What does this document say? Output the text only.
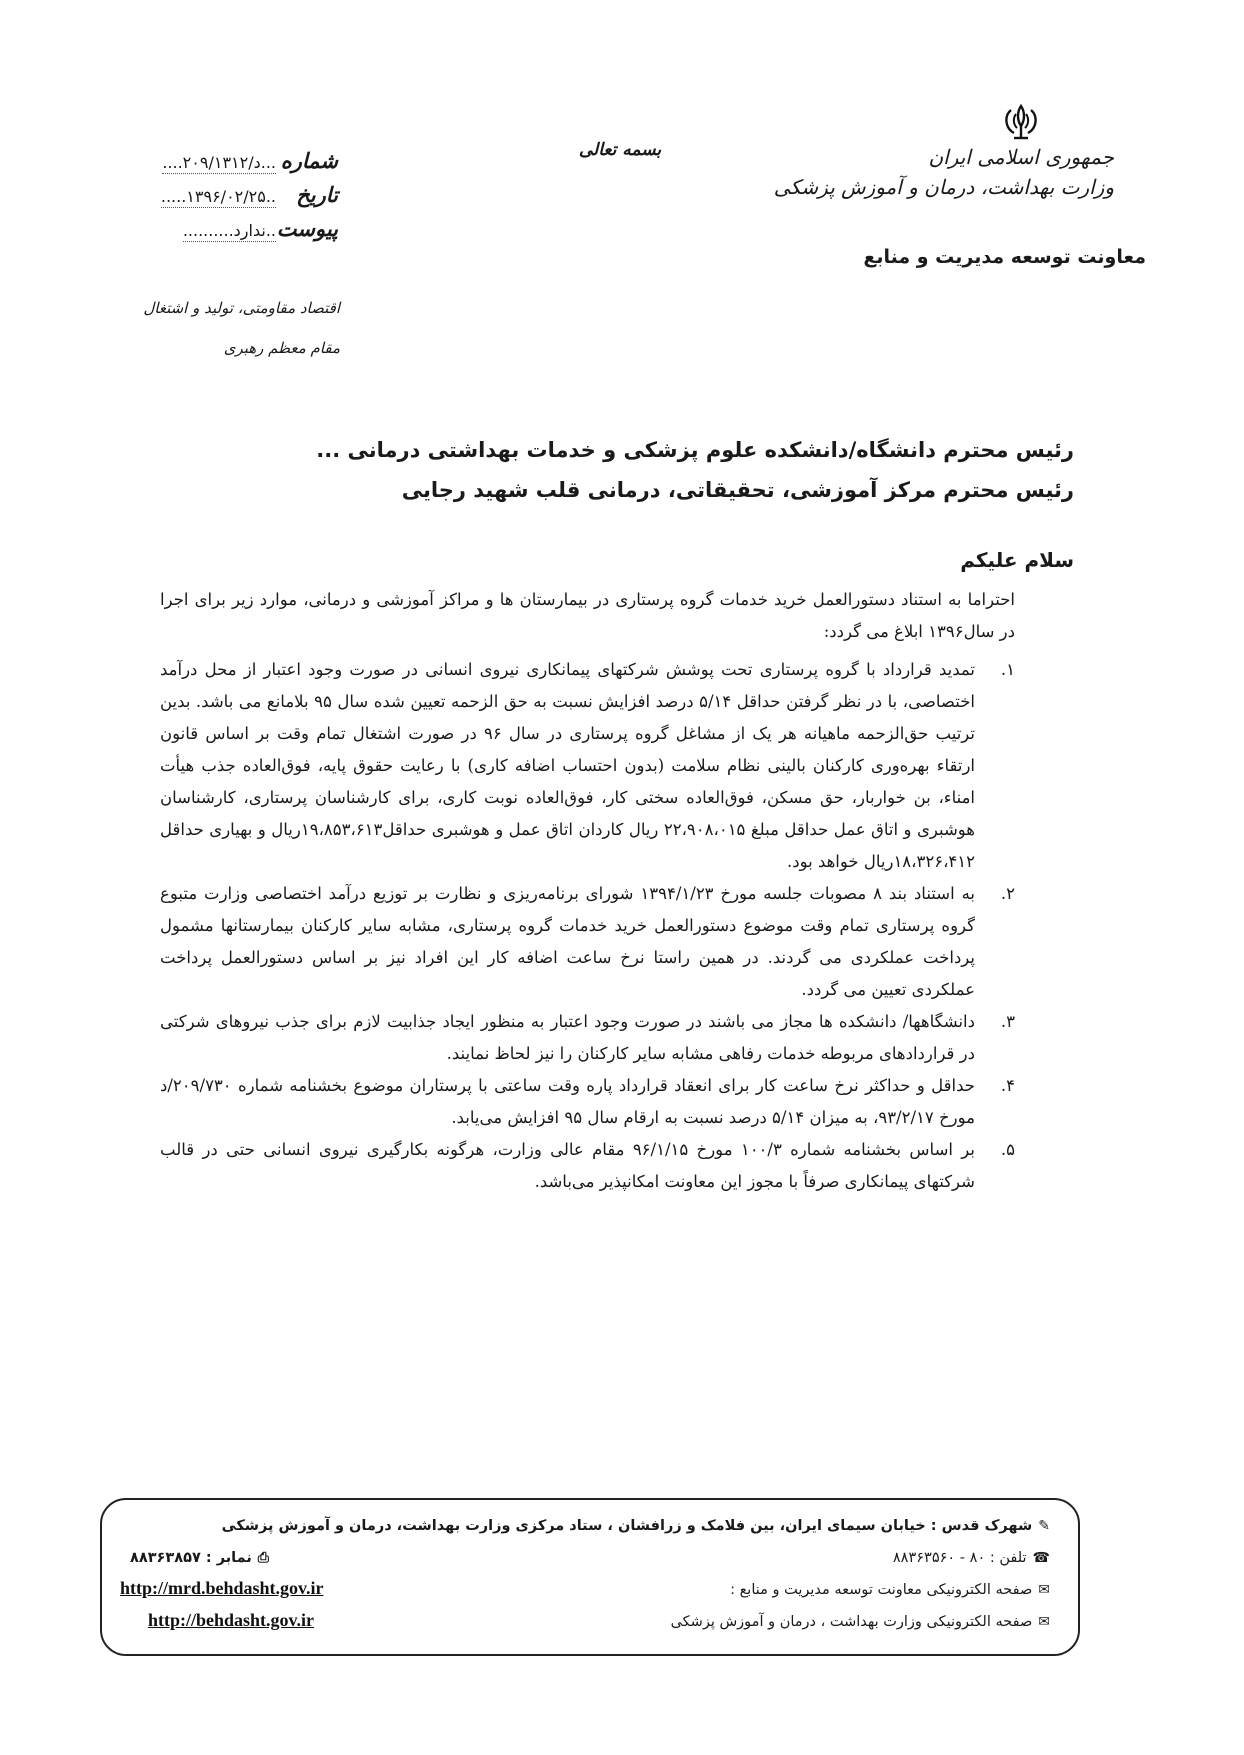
جمهوری اسلامی ایران
وزارت بهداشت، درمان و آموزش پزشکی
معاونت توسعه مدیریت و منابع
بسمه تعالی
شماره
...د/۲۰۹/۱۳۱۲....
تاریخ
..۱۳۹۶/۰۲/۲۵.....
پیوست
..ندارد..........
اقتصاد مقاومتی، تولید و اشتغال
مقام معظم رهبری
رئیس محترم دانشگاه/دانشکده علوم پزشکی و خدمات بهداشتی درمانی ...
رئیس محترم مرکز آموزشی، تحقیقاتی، درمانی قلب شهید رجایی
سلام علیکم

احتراما به استناد دستورالعمل خرید خدمات گروه پرستاری در بیمارستان ها و مراکز آموزشی و درمانی، موارد زیر برای اجرا در سال۱۳۹۶ ابلاغ می گردد:

۱.
تمدید قرارداد با گروه پرستاری تحت پوشش شرکتهای پیمانکاری نیروی انسانی در صورت وجود اعتبار از محل درآمد اختصاصی، با در نظر گرفتن حداقل ۵/۱۴ درصد افزایش نسبت به حق الزحمه تعیین شده سال ۹۵ بلامانع می باشد. بدین ترتیب حق‌الزحمه ماهیانه هر یک از مشاغل گروه پرستاری در سال ۹۶ در صورت اشتغال تمام وقت بر اساس قانون ارتقاء بهره‌وری کارکنان بالینی نظام سلامت (بدون احتساب اضافه کاری) با رعایت حقوق پایه، فوق‌العاده جذب هیأت امناء، بن خواربار، حق مسکن، فوق‌العاده سختی کار، فوق‌العاده نوبت کاری، برای کارشناسان پرستاری، کارشناسان هوشبری و اتاق عمل حداقل مبلغ ۲۲،۹۰۸،۰۱۵ ریال کاردان اتاق عمل و هوشبری حداقل۱۹،۸۵۳،۶۱۳ریال و بهیاری حداقل ۱۸،۳۲۶،۴۱۲ریال خواهد بود.
۲.
به استناد بند ۸ مصوبات جلسه مورخ ۱۳۹۴/۱/۲۳ شورای برنامه‌ریزی و نظارت بر توزیع درآمد اختصاصی وزارت متبوع گروه پرستاری تمام وقت موضوع دستورالعمل خرید خدمات گروه پرستاری، مشابه سایر کارکنان بیمارستانها مشمول پرداخت عملکردی می گردند. در همین راستا نرخ ساعت اضافه کار این افراد نیز بر اساس دستورالعمل پرداخت عملکردی تعیین می گردد.
۳.
دانشگاهها/ دانشکده ها مجاز می باشند در صورت وجود اعتبار به منظور ایجاد جذابیت لازم برای جذب نیروهای شرکتی در قراردادهای مربوطه خدمات رفاهی مشابه سایر کارکنان را نیز لحاظ نمایند.
۴.
حداقل و حداکثر نرخ ساعت کار برای انعقاد قرارداد پاره وقت ساعتی با پرستاران موضوع بخشنامه شماره ۲۰۹/۷۳۰/د مورخ ۹۳/۲/۱۷، به میزان ۵/۱۴ درصد نسبت به ارقام سال ۹۵ افزایش می‌یابد.
۵.
بر اساس بخشنامه شماره ۱۰۰/۳ مورخ ۹۶/۱/۱۵ مقام عالی وزارت، هرگونه بکارگیری نیروی انسانی حتی در قالب شرکتهای پیمانکاری صرفاً با مجوز این معاونت امکانپذیر می‌باشد.
✎شهرک قدس : خیابان سیمای ایران، بین فلامک و زرافشان ، ستاد مرکزی وزارت بهداشت، درمان و آموزش پزشکی
☎تلفن : ۸۰ - ۸۸۳۶۳۵۶۰
⎙نمابر : ۸۸۳۶۳۸۵۷
✉صفحه الکترونیکی معاونت توسعه مدیریت و منابع :
✉صفحه الکترونیکی وزارت بهداشت ، درمان و آموزش پزشکی
http://mrd.behdasht.gov.ir
http://behdasht.gov.ir
